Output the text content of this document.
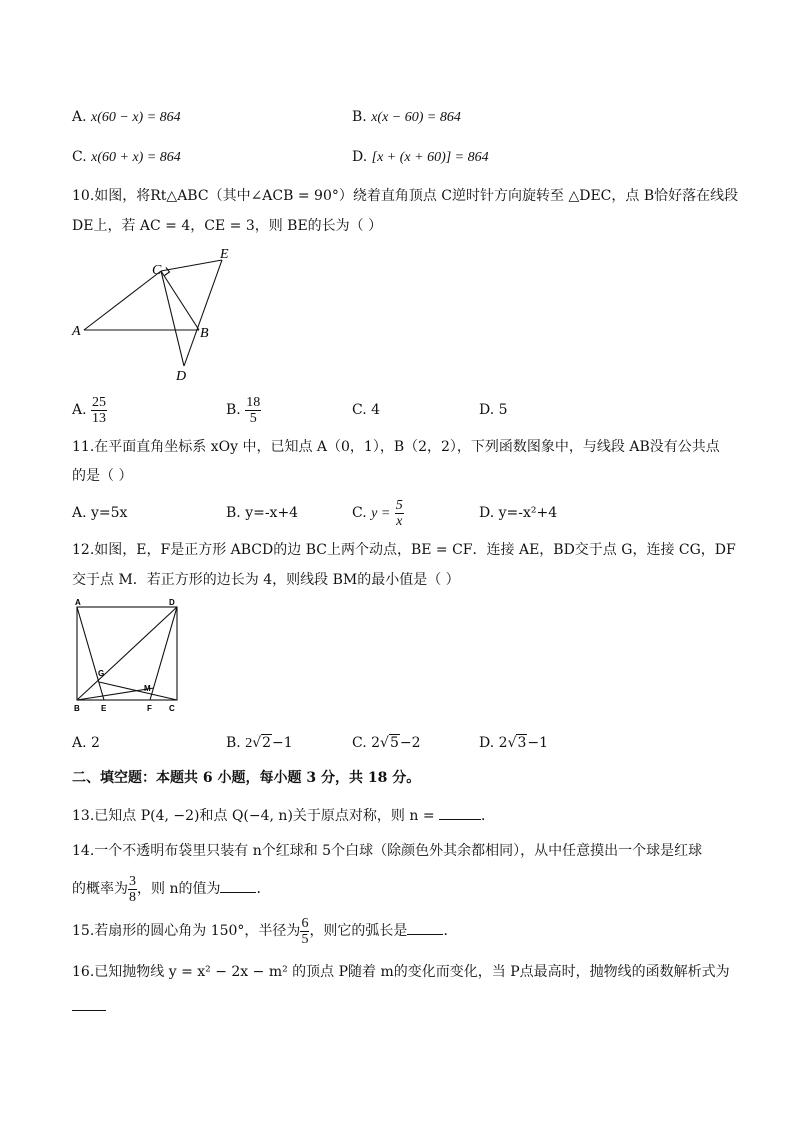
A. x(60 − x) = 864	B. x(x − 60) = 864
C. x(60 + x) = 864	D. [x + (x + 60)] = 864
10.如图，将Rt△ABC（其中∠ACB = 90°）绕着直角顶点 C逆时针方向旋转至 △DEC，点 B恰好落在线段
DE上，若 AC = 4，CE = 3，则 BE的长为（ ）
A	B
C
D
E
A. $\frac{25}{13}$	B. $\frac{18}{5}$	C. 4	D. 5
11.在平面直角坐标系 xOy 中，已知点 A（0，1），B（2，2），下列函数图象中，与线段 AB没有公共点
的是（ ）
A. y=5x	B. y=-x+4	C. $y = \frac{5}{x}$	D. y=-x²+4
12.如图，E，F是正方形 ABCD的边 BC上两个动点，BE = CF．连接 AE，BD交于点 G，连接 CG，DF
交于点 M．若正方形的边长为 4，则线段 BM的最小值是（ ）
A	D
B	E	F C
G
M
A. 2	B. 2√2−1	C. 2√5−2	D. 2√3−1
二、填空题：本题共 6 小题，每小题 3 分，共 18 分。
13.已知点 P(4, −2)和点 Q(−4, n)关于原点对称，则 n =	．
14.一个不透明布袋里只装有 n个红球和 5个白球（除颜色外其余都相同），从中任意摸出一个球是红球
的概率为 $\frac{3}{8}$ ，则 n的值为	．
15.若扇形的圆心角为 150°，半径为 $\frac{6}{5}$ ，则它的弧长是	．
16.已知抛物线 y = x² − 2x − m² 的顶点 P随着 m的变化而变化，当 P点最高时，抛物线的函数解析式为
